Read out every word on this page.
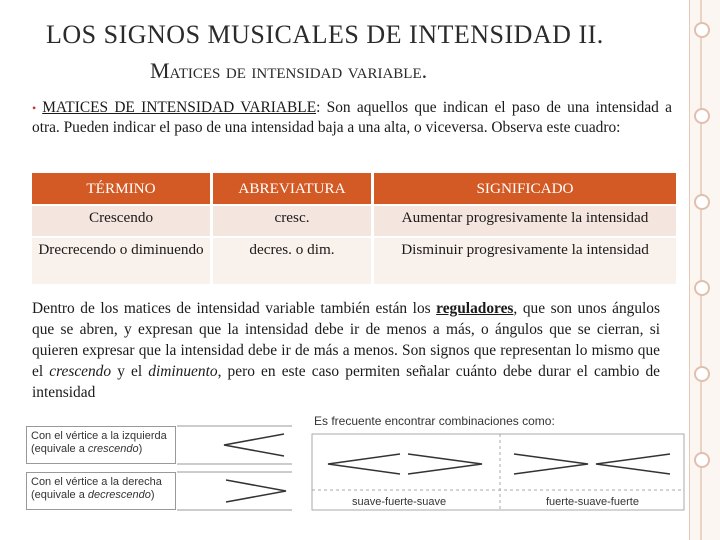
LOS SIGNOS MUSICALES DE INTENSIDAD II.
Matices de intensidad variable.
• MATICES DE INTENSIDAD VARIABLE: Son aquellos que indican el paso de una intensidad a otra. Pueden indicar el paso de una intensidad baja a una alta, o viceversa. Observa este cuadro:
TÉRMINO	ABREVIATURA	SIGNIFICADO
Crescendo	cresc.	Aumentar progresivamente la intensidad
Drecrecendo o diminuendo	decres. o dim.	Disminuir progresivamente la intensidad
Dentro de los matices de intensidad variable también están los reguladores, que son unos ángulos que se abren, y expresan que la intensidad debe ir de menos a más, o ángulos que se cierran, si quieren expresar que la intensidad debe ir de más a menos. Son signos que representan lo mismo que el crescendo y el diminuento, pero en este caso permiten señalar cuánto debe durar el cambio de intensidad
Con el vértice a la izquierda
(equivale a crescendo)
Con el vértice a la derecha
(equivale a decrescendo)
Es frecuente encontrar combinaciones como:
suave-fuerte-suave	fuerte-suave-fuerte
